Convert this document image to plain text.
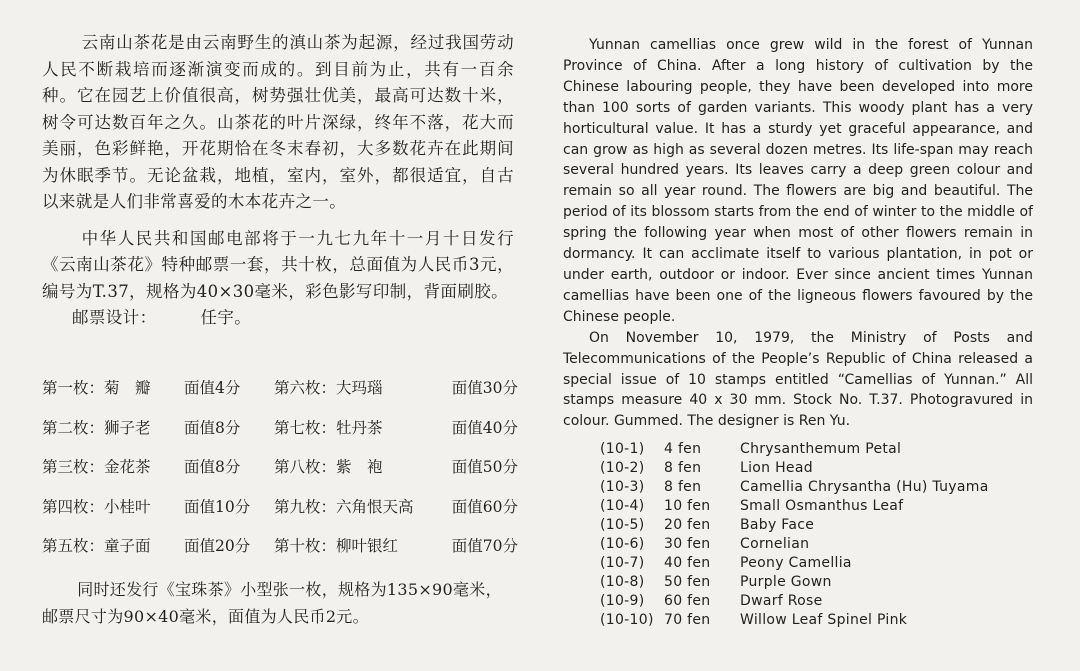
云南山茶花是由云南野生的滇山茶为起源，经过我国劳动人民不断栽培而逐渐演变而成的。到目前为止，共有一百余种。它在园艺上价值很高，树势强壮优美，最高可达数十米，树令可达数百年之久。山茶花的叶片深绿，终年不落，花大而美丽，色彩鲜艳，开花期恰在冬末春初，大多数花卉在此期间为休眠季节。无论盆栽，地植，室内，室外，都很适宜，自古以来就是人们非常喜爱的木本花卉之一。

中华人民共和国邮电部将于一九七九年十一月十日发行《云南山茶花》特种邮票一套，共十枚，总面值为人民币3元，编号为T.37，规格为40×30毫米，彩色影写印制，背面刷胶。

邮票设计：	任宇。

第一枚：菊　瓣	面值4分	第六枚：大玛瑙	面值30分
第二枚：狮子老	面值8分	第七枚：牡丹茶	面值40分
第三枚：金花茶	面值8分	第八枚：紫　袍	面值50分
第四枚：小桂叶	面值10分	第九枚：六角恨天高	面值60分
第五枚：童子面	面值20分	第十枚：柳叶银红	面值70分

同时还发行《宝珠茶》小型张一枚，规格为135×90毫米，邮票尺寸为90×40毫米，面值为人民币2元。

Yunnan camellias once grew wild in the forest of Yunnan Province of China. After a long history of cultivation by the Chinese labouring people, they have been developed into more than 100 sorts of garden variants. This woody plant has a very horticultural value. It has a sturdy yet graceful appearance, and can grow as high as several dozen metres. Its life-span may reach several hundred years. Its leaves carry a deep green colour and remain so all year round. The flowers are big and beautiful. The period of its blossom starts from the end of winter to the middle of spring the following year when most of other flowers remain in dormancy. It can acclimate itself to various plantation, in pot or under earth, outdoor or indoor. Ever since ancient times Yunnan camellias have been one of the ligneous flowers favoured by the Chinese people.

On November 10, 1979, the Ministry of Posts and Telecommunications of the People’s Republic of China released a special issue of 10 stamps entitled “Camellias of Yunnan.” All stamps measure 40 x 30 mm. Stock No. T.37. Photogravured in colour. Gummed. The designer is Ren Yu.

(10-1)	4 fen	Chrysanthemum Petal
(10-2)	8 fen	Lion Head
(10-3)	8 fen	Camellia Chrysantha (Hu) Tuyama
(10-4)	10 fen	Small Osmanthus Leaf
(10-5)	20 fen	Baby Face
(10-6)	30 fen	Cornelian
(10-7)	40 fen	Peony Camellia
(10-8)	50 fen	Purple Gown
(10-9)	60 fen	Dwarf Rose
(10-10) 70 fen	Willow Leaf Spinel Pink
